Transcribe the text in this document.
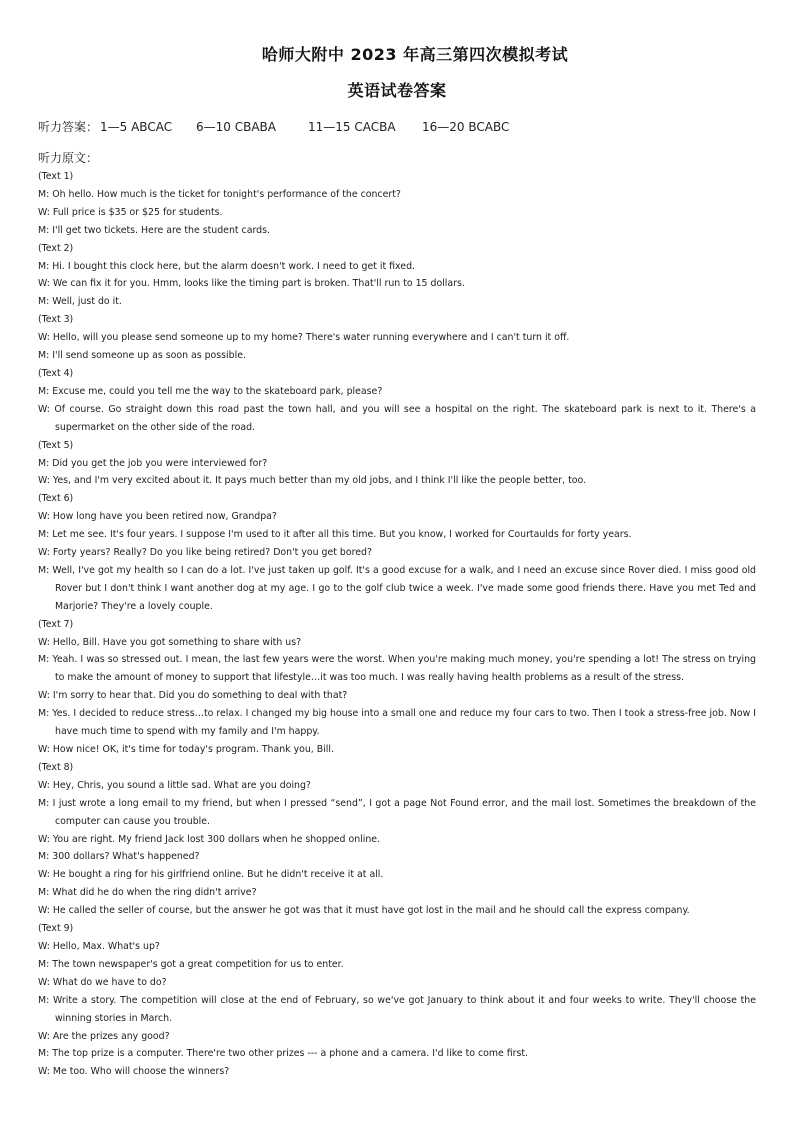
哈师大附中 2023 年高三第四次模拟考试
英语试卷答案
听力答案： 1—5 ABCAC 6—10 CBABA	11—15 CACBA 16—20 BCABC
听力原文：
(Text 1)
M: Oh hello. How much is the ticket for tonight's performance of the concert?
W: Full price is $35 or $25 for students.
M: I'll get two tickets. Here are the student cards.
(Text 2)
M: Hi. I bought this clock here, but the alarm doesn't work. I need to get it fixed.
W: We can fix it for you. Hmm, looks like the timing part is broken. That'll run to 15 dollars.
M: Well, just do it.
(Text 3)
W: Hello, will you please send someone up to my home? There's water running everywhere and I can't turn it off.
M: I'll send someone up as soon as possible.
(Text 4)
M: Excuse me, could you tell me the way to the skateboard park, please?
W: Of course. Go straight down this road past the town hall, and you will see a hospital on the right. The skateboard park is next to it. There's a supermarket on the other side of the road.
(Text 5)
M: Did you get the job you were interviewed for?
W: Yes, and I'm very excited about it. It pays much better than my old jobs, and I think I'll like the people better, too.
(Text 6)
W: How long have you been retired now, Grandpa?
M: Let me see. It's four years. I suppose I'm used to it after all this time. But you know, I worked for Courtaulds for forty years.
W: Forty years? Really? Do you like being retired? Don't you get bored?
M: Well, I've got my health so I can do a lot. I've just taken up golf. It's a good excuse for a walk, and I need an excuse since Rover died. I miss good old Rover but I don't think I want another dog at my age. I go to the golf club twice a week. I've made some good friends there. Have you met Ted and Marjorie? They're a lovely couple.
(Text 7)
W: Hello, Bill. Have you got something to share with us?
M: Yeah. I was so stressed out. I mean, the last few years were the worst. When you're making much money, you're spending a lot! The stress on trying to make the amount of money to support that lifestyle…it was too much. I was really having health problems as a result of the stress.
W: I'm sorry to hear that. Did you do something to deal with that?
M: Yes. I decided to reduce stress…to relax. I changed my big house into a small one and reduce my four cars to two. Then I took a stress-free job. Now I have much time to spend with my family and I'm happy.
W: How nice! OK, it's time for today's program. Thank you, Bill.
(Text 8)
W: Hey, Chris, you sound a little sad. What are you doing?
M: I just wrote a long email to my friend, but when I pressed “send”, I got a page Not Found error, and the mail lost. Sometimes the breakdown of the computer can cause you trouble.
W: You are right. My friend Jack lost 300 dollars when he shopped online.
M: 300 dollars? What's happened?
W: He bought a ring for his girlfriend online. But he didn't receive it at all.
M: What did he do when the ring didn't arrive?
W: He called the seller of course, but the answer he got was that it must have got lost in the mail and he should call the express company.
(Text 9)
W: Hello, Max. What's up?
M: The town newspaper's got a great competition for us to enter.
W: What do we have to do?
M: Write a story. The competition will close at the end of February, so we've got January to think about it and four weeks to write. They'll choose the winning stories in March.
W: Are the prizes any good?
M: The top prize is a computer. There're two other prizes --- a phone and a camera. I'd like to come first.
W: Me too. Who will choose the winners?
